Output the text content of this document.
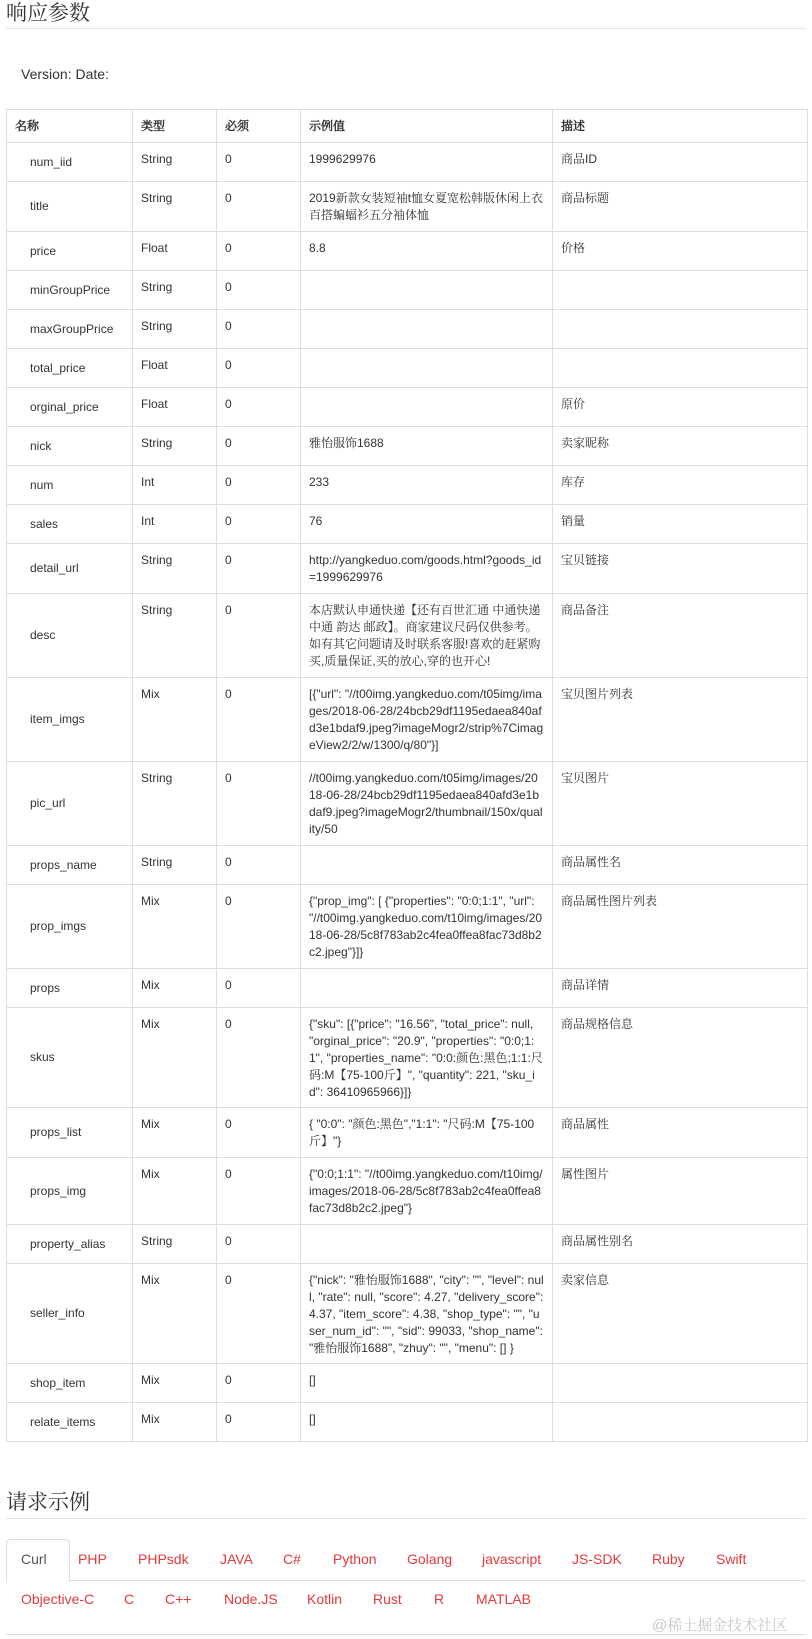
响应参数
Version: Date:
名称	类型	必须	示例值	描述
num_iid	String	0	1999629976	商品ID
title	String	0	2019新款女装短袖t恤女夏宽松韩版休闲上衣百搭蝙蝠衫五分袖体恤	商品标题
price	Float	0	8.8	价格
minGroupPrice	String	0		
maxGroupPrice	String	0		
total_price	Float	0		
orginal_price	Float	0		原价
nick	String	0	雅怡服饰1688	卖家昵称
num	Int	0	233	库存
sales	Int	0	76	销量
detail_url	String	0	http://yangkeduo.com/goods.html?goods_id=1999629976	宝贝链接
desc	String	0	本店默认申通快递【还有百世汇通 中通快递 中通 韵达 邮政】。商家建议尺码仅供参考。如有其它问题请及时联系客服!喜欢的赶紧购买,质量保证,买的放心,穿的也开心!	商品备注
item_imgs	Mix	0	[{"url": "//t00img.yangkeduo.com/t05img/images/2018-06-28/24bcb29df1195edaea840afd3e1bdaf9.jpeg?imageMogr2/strip%7CimageView2/2/w/1300/q/80"}]	宝贝图片列表
pic_url	String	0	//t00img.yangkeduo.com/t05img/images/2018-06-28/24bcb29df1195edaea840afd3e1bdaf9.jpeg?imageMogr2/thumbnail/150x/quality/50	宝贝图片
props_name	String	0		商品属性名
prop_imgs	Mix	0	{"prop_img": [ {"properties": "0:0;1:1", "url": "//t00img.yangkeduo.com/t10img/images/2018-06-28/5c8f783ab2c4fea0ffea8fac73d8b2c2.jpeg"}]}	商品属性图片列表
props	Mix	0		商品详情
skus	Mix	0	{"sku": [{"price": "16.56", "total_price": null, "orginal_price": "20.9", "properties": "0:0;1:1", "properties_name": "0:0:颜色:黑色;1:1:尺码:M【75-100斤】", "quantity": 221, "sku_id": 36410965966}]}	商品规格信息
props_list	Mix	0	{ "0:0": "颜色:黑色","1:1": "尺码:M【75-100斤】"}	商品属性
props_img	Mix	0	{"0:0;1:1": "//t00img.yangkeduo.com/t10img/images/2018-06-28/5c8f783ab2c4fea0ffea8fac73d8b2c2.jpeg"}	属性图片
property_alias	String	0		商品属性别名
seller_info	Mix	0	{"nick": "雅怡服饰1688", "city": "", "level": null, "rate": null, "score": 4.27, "delivery_score": 4.37, "item_score": 4.38, "shop_type": "", "user_num_id": "", "sid": 99033, "shop_name": "雅怡服饰1688", "zhuy": "", "menu": [] }	卖家信息
shop_item	Mix	0	[]	
relate_items	Mix	0	[]	
请求示例
Curl PHP PHPsdk JAVA C# Python Golang javascript JS-SDK Ruby Swift
Objective-C C C++ Node.JS Kotlin Rust R MATLAB
@稀土掘金技术社区
